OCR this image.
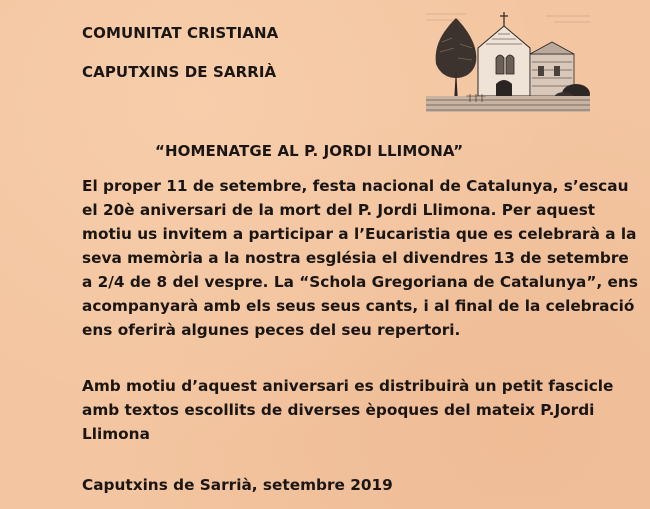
COMUNITAT CRISTIANA
CAPUTXINS DE SARRIÀ
“HOMENATGE AL P. JORDI LLIMONA”
El proper 11 de setembre, festa nacional de Catalunya, s’escau
el 20è aniversari de la mort del P. Jordi Llimona. Per aquest
motiu us invitem a participar a l’Eucaristia que es celebrarà a la
seva memòria a la nostra església el divendres 13 de setembre
a 2/4 de 8 del vespre. La “Schola Gregoriana de Catalunya”, ens
acompanyarà amb els seus seus cants, i al final de la celebració
ens oferirà algunes peces del seu repertori.
Amb motiu d’aquest aniversari es distribuirà un petit fascicle
amb textos escollits de diverses èpoques del mateix P.Jordi
Llimona
Caputxins de Sarrià, setembre 2019
